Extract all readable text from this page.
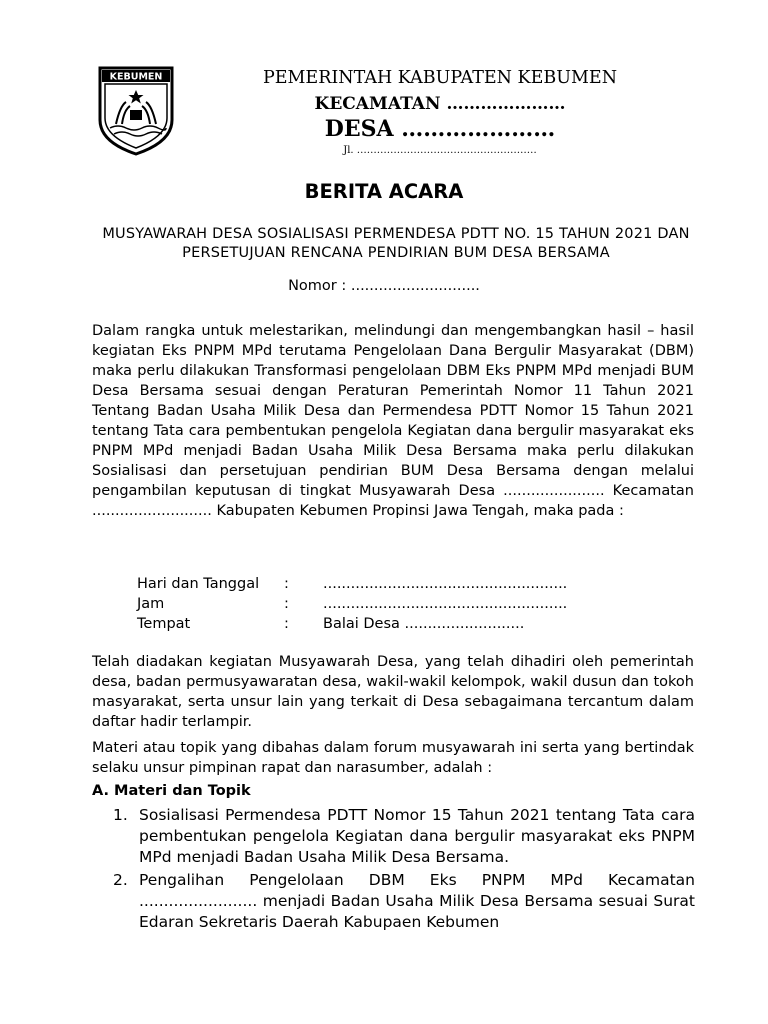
KEBUMEN	PEMERINTAH KABUPATEN KEBUMEN
KECAMATAN …………………
DESA …………………
Jl. ………………………………………………
BERITA ACARA
MUSYAWARAH DESA SOSIALISASI PERMENDESA PDTT NO. 15 TAHUN 2021 DAN PERSETUJUAN RENCANA PENDIRIAN BUM DESA BERSAMA
Nomor : ............................
Dalam rangka untuk melestarikan, melindungi dan mengembangkan hasil – hasil kegiatan Eks PNPM MPd terutama Pengelolaan Dana Bergulir Masyarakat (DBM) maka perlu dilakukan Transformasi pengelolaan DBM Eks PNPM MPd menjadi BUM Desa Bersama sesuai dengan Peraturan Pemerintah Nomor 11 Tahun 2021 Tentang Badan Usaha Milik Desa dan Permendesa PDTT Nomor 15 Tahun 2021 tentang Tata cara pembentukan pengelola Kegiatan dana bergulir masyarakat eks PNPM MPd menjadi Badan Usaha Milik Desa Bersama maka perlu dilakukan Sosialisasi dan persetujuan pendirian BUM Desa Bersama dengan melalui pengambilan keputusan di tingkat Musyawarah Desa ...................... Kecamatan .......................... Kabupaten Kebumen Propinsi Jawa Tengah, maka pada :
Hari dan Tanggal	:	.....................................................
Jam	:	.....................................................
Tempat	:	Balai Desa ..........................
Telah diadakan kegiatan Musyawarah Desa, yang telah dihadiri oleh pemerintah desa, badan permusyawaratan desa, wakil-wakil kelompok, wakil dusun dan tokoh masyarakat, serta unsur lain yang terkait di Desa sebagaimana tercantum dalam daftar hadir terlampir.
Materi atau topik yang dibahas dalam forum musyawarah ini serta yang bertindak selaku unsur pimpinan rapat dan narasumber, adalah :
A. Materi dan Topik
1. Sosialisasi Permendesa PDTT Nomor 15 Tahun 2021 tentang Tata cara pembentukan pengelola Kegiatan dana bergulir masyarakat eks PNPM MPd menjadi Badan Usaha Milik Desa Bersama.
2. Pengalihan Pengelolaan DBM Eks PNPM MPd Kecamatan ........................ menjadi Badan Usaha Milik Desa Bersama sesuai Surat Edaran Sekretaris Daerah Kabupaen Kebumen
